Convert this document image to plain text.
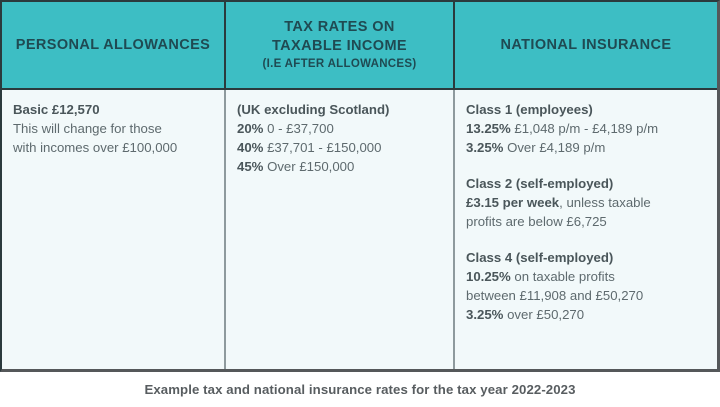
PERSONAL ALLOWANCES
TAX RATES ON
TAXABLE INCOME
(I.E AFTER ALLOWANCES)
NATIONAL INSURANCE
Basic £12,570
This will change for those
with incomes over £100,000
(UK excluding Scotland)
20% 0 - £37,700
40% £37,701 - £150,000
45% Over £150,000
Class 1 (employees)
13.25% £1,048 p/m - £4,189 p/m
3.25% Over £4,189 p/m
Class 2 (self-employed)
£3.15 per week, unless taxable
profits are below £6,725
Class 4 (self-employed)
10.25% on taxable profits
between £11,908 and £50,270
3.25% over £50,270
Example tax and national insurance rates for the tax year 2022-2023
